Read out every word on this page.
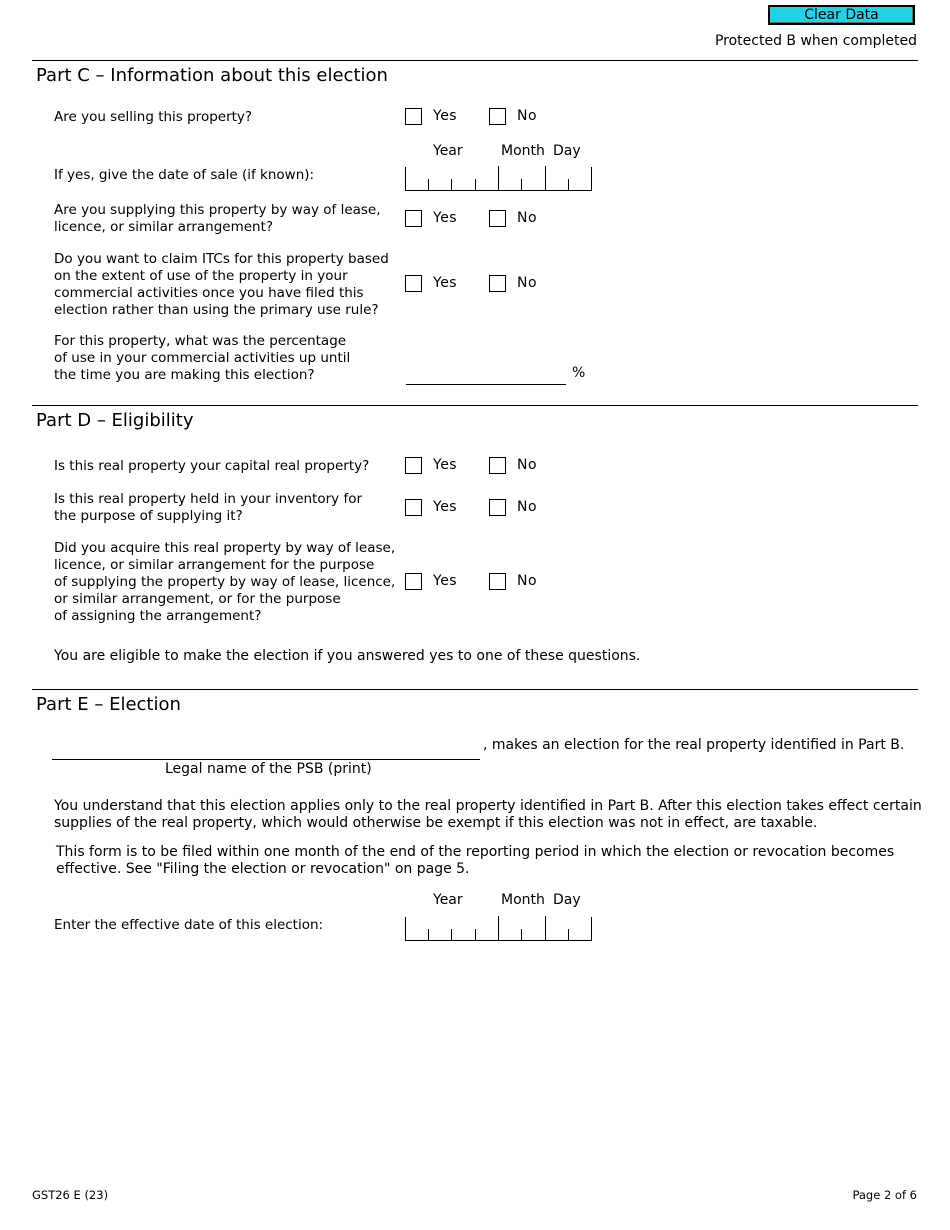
Clear Data
Protected B when completed
Part C – Information about this election
Are you selling this property?	Yes	No
Year	Month Day
If yes, give the date of sale (if known):
Are you supplying this property by way of lease,
licence, or similar arrangement?
Yes	No
Do you want to claim ITCs for this property based
on the extent of use of the property in your
commercial activities once you have filed this
election rather than using the primary use rule?
Yes	No
For this property, what was the percentage
of use in your commercial activities up until
the time you are making this election?	%
Part D – Eligibility
Is this real property your capital real property?	Yes	No
Is this real property held in your inventory for
the purpose of supplying it?
Yes	No
Did you acquire this real property by way of lease,
licence, or similar arrangement for the purpose
of supplying the property by way of lease, licence,
or similar arrangement, or for the purpose
of assigning the arrangement?
Yes	No
You are eligible to make the election if you answered yes to one of these questions.
Part E – Election
, makes an election for the real property identified in Part B.
Legal name of the PSB (print)
You understand that this election applies only to the real property identified in Part B. After this election takes effect certain
supplies of the real property, which would otherwise be exempt if this election was not in effect, are taxable.
This form is to be filed within one month of the end of the reporting period in which the election or revocation becomes
effective. See "Filing the election or revocation" on page 5.
Year	Month Day
Enter the effective date of this election:
GST26 E (23)	Page 2 of 6
